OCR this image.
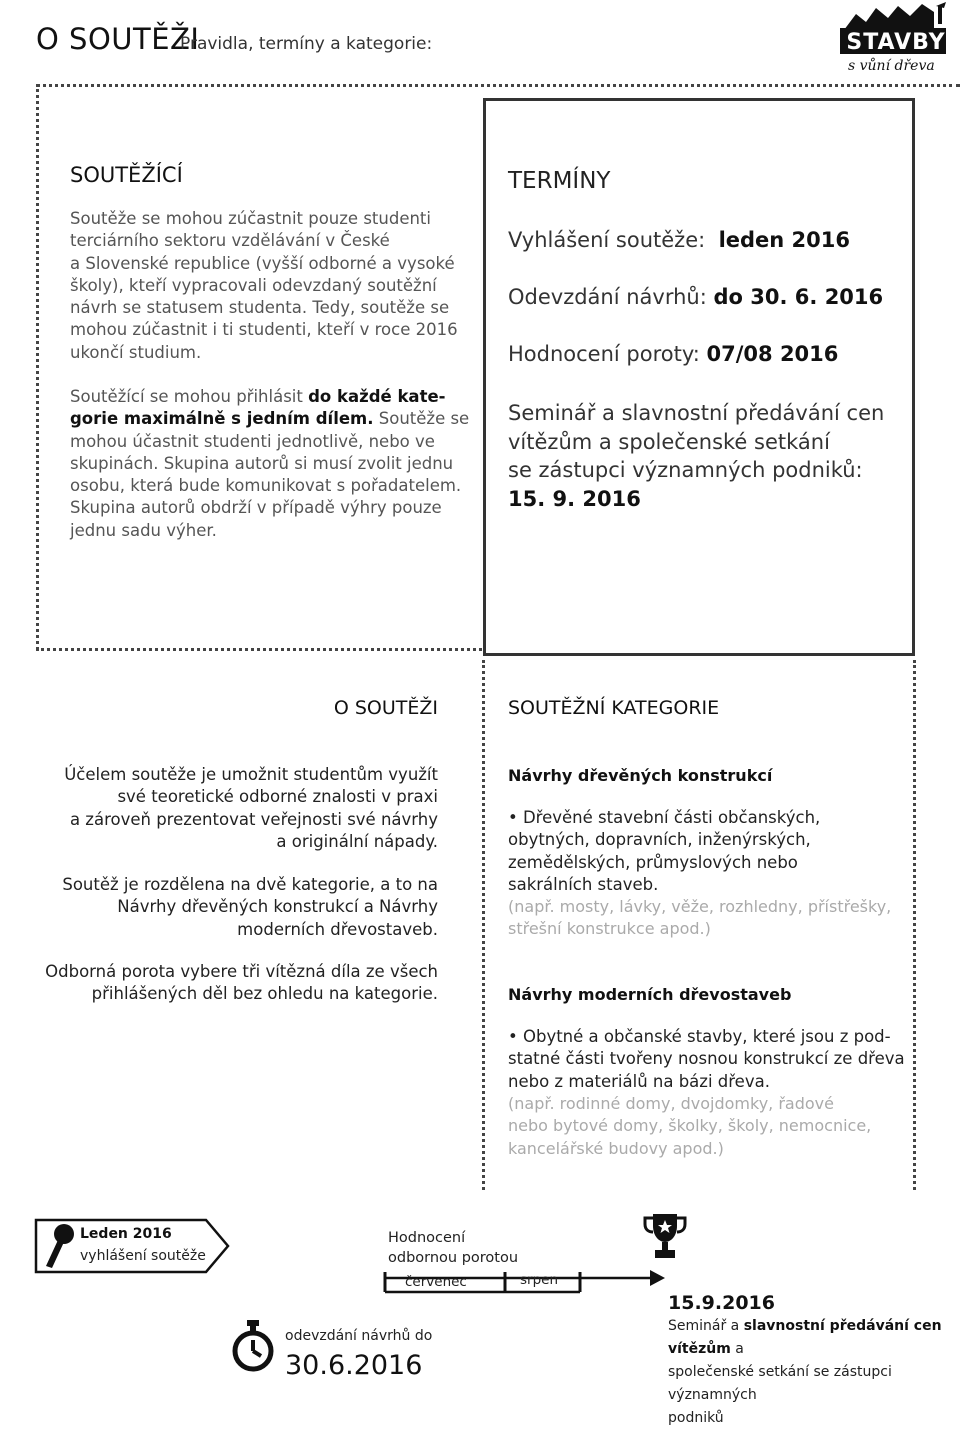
O SOUTĚŽI
Pravidla, termíny a kategorie:	STAVBY
s vůní dřeva
SOUTĚŽÍCÍ
Soutěže se mohou zúčastnit pouze studenti
terciárního sektoru vzdělávání v České
a Slovenské republice (vyšší odborné a vysoké
školy), kteří vypracovali odevzdaný soutěžní
návrh se statusem studenta. Tedy, soutěže se
mohou zúčastnit i ti studenti, kteří v roce 2016
ukončí studium.
Soutěžící se mohou přihlásit do každé kate-
gorie maximálně s jedním dílem. Soutěže se
mohou účastnit studenti jednotlivě, nebo ve
skupinách. Skupina autorů si musí zvolit jednu
osobu, která bude komunikovat s pořadatelem.
Skupina autorů obdrží v případě výhry pouze
jednu sadu výher.
TERMÍNY
Vyhlášení soutěže: leden 2016
Odevzdání návrhů: do 30. 6. 2016
Hodnocení poroty: 07/08 2016
Seminář a slavnostní předávání cen
vítězům a společenské setkání
se zástupci významných podniků:
15. 9. 2016
O SOUTĚŽI
Účelem soutěže je umožnit studentům využít
své teoretické odborné znalosti v praxi
a zároveň prezentovat veřejnosti své návrhy
a originální nápady.
Soutěž je rozdělena na dvě kategorie, a to na
Návrhy dřevěných konstrukcí a Návrhy
moderních dřevostaveb.
Odborná porota vybere tři vítězná díla ze všech
přihlášených děl bez ohledu na kategorie.
SOUTĚŽNÍ KATEGORIE
Návrhy dřevěných konstrukcí
• Dřevěné stavební části občanských,
obytných, dopravních, inženýrských,
zemědělských, průmyslových nebo
sakrálních staveb.
(např. mosty, lávky, věže, rozhledny, přístřešky,
střešní konstrukce apod.)
Návrhy moderních dřevostaveb
• Obytné a občanské stavby, které jsou z pod-
statné části tvořeny nosnou konstrukcí ze dřeva
nebo z materiálů na bázi dřeva.
(např. rodinné domy, dvojdomky, řadové
nebo bytové domy, školky, školy, nemocnice,
kancelářské budovy apod.)
Leden 2016
vyhlášení soutěže
Hodnocení
odbornou porotou
červenec	srpen
odevzdání návrhů do
30.6.2016
15.9.2016
Seminář a slavnostní předávání cen vítězům a
společenské setkání se zástupci významných
podniků
